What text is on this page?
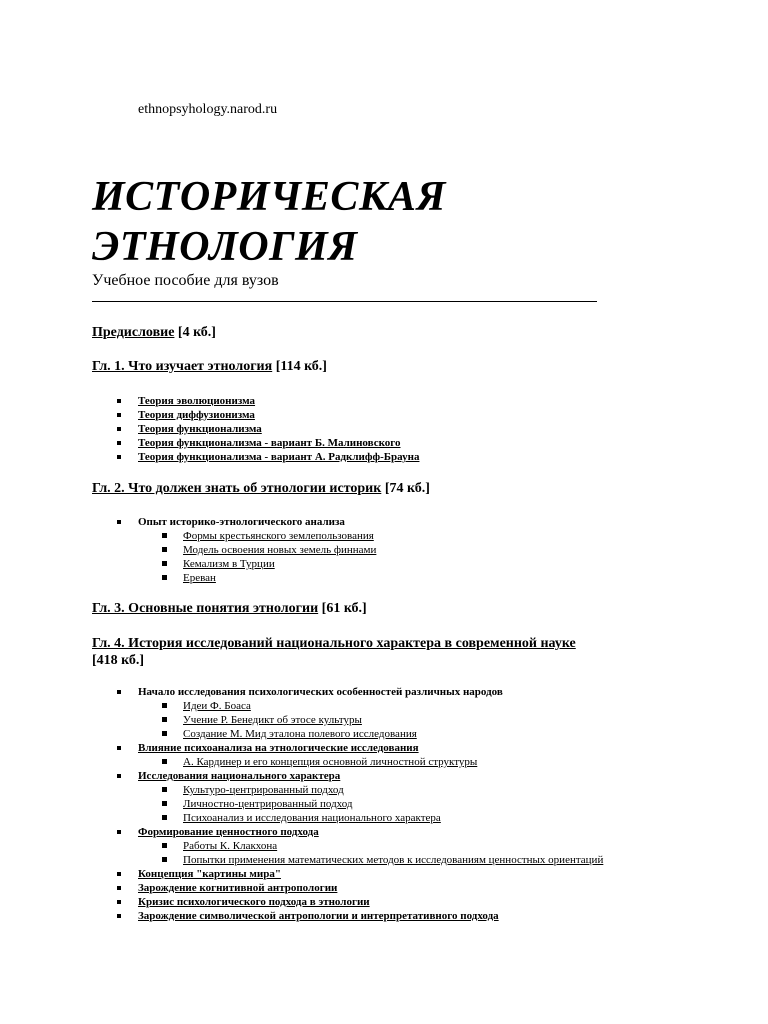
ethnopsyhology.narod.ru
ИСТОРИЧЕСКАЯ
ЭТНОЛОГИЯ
Учебное пособие для вузов
Предисловие [4 кб.]
Гл. 1. Что изучает этнология [114 кб.]
Теория эволюционизма
Теория диффузионизма
Теория функционализма
Теория функционализма - вариант Б. Малиновского
Теория функционализма - вариант А. Радклифф-Брауна
Гл. 2. Что должен знать об этнологии историк [74 кб.]
Опыт историко-этнологического анализа
Формы крестьянского землепользования
Модель освоения новых земель финнами
Кемализм в Турции
Ереван
Гл. 3. Основные понятия этнологии [61 кб.]
Гл. 4. История исследований национального характера в современной науке
[418 кб.]
Начало исследования психологических особенностей различных народов
Идеи Ф. Боаса
Учение Р. Бенедикт об этосе культуры
Создание М. Мид эталона полевого исследования
Влияние психоанализа на этнологические исследования
А. Кардинер и его концепция основной личностной структуры
Исследования национального характера
Культуро-центрированный подход
Личностно-центрированный подход
Психоанализ и исследования национального характера
Формирование ценностного подхода
Работы К. Клакхона
Попытки применения математических методов к исследованиям ценностных ориентаций
Концепция "картины мира"
Зарождение когнитивной антропологии
Кризис психологического подхода в этнологии
Зарождение символической антропологии и интерпретативного подхода
